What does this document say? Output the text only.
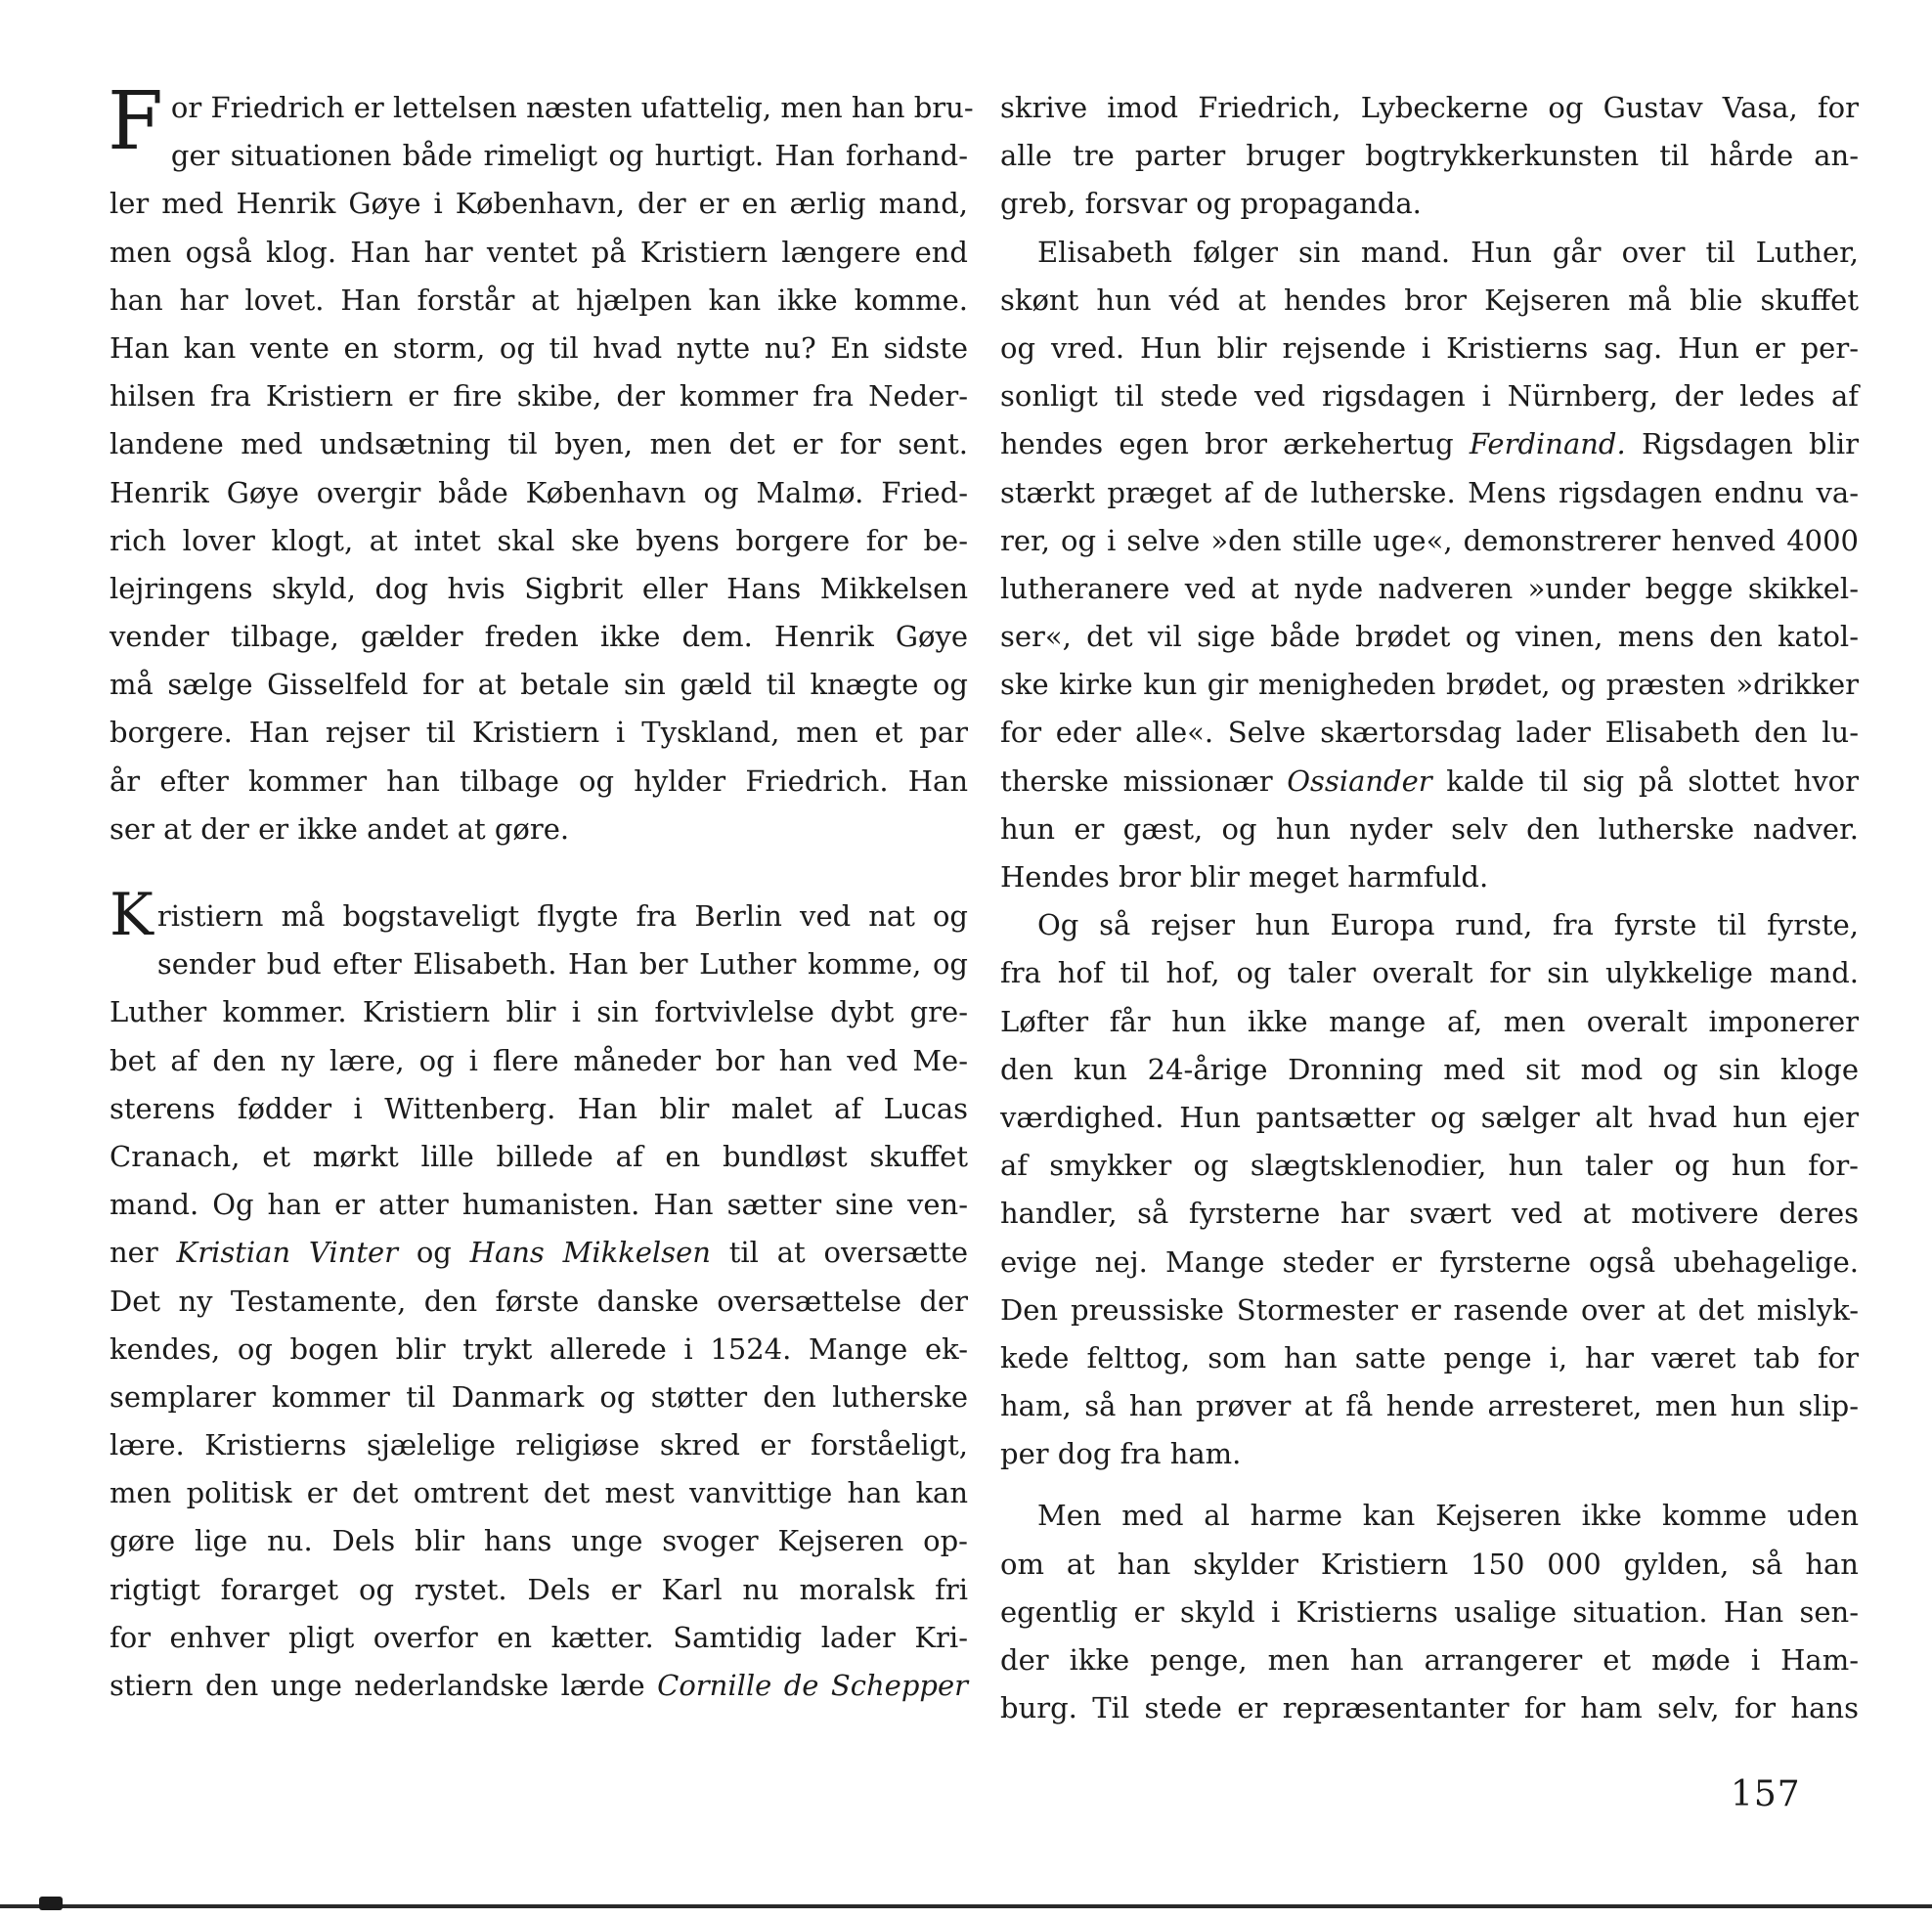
F or Friedrich er lettelsen næsten ufattelig, men han bru-
ger situationen både rimeligt og hurtigt. Han forhand-
ler med Henrik Gøye i København, der er en ærlig mand,
men også klog. Han har ventet på Kristiern længere end
han har lovet. Han forstår at hjælpen kan ikke komme.
Han kan vente en storm, og til hvad nytte nu? En sidste
hilsen fra Kristiern er fire skibe, der kommer fra Neder-
landene med undsætning til byen, men det er for sent.
Henrik Gøye overgir både København og Malmø. Fried-
rich lover klogt, at intet skal ske byens borgere for be-
lejringens skyld, dog hvis Sigbrit eller Hans Mikkelsen
vender tilbage, gælder freden ikke dem. Henrik Gøye
må sælge Gisselfeld for at betale sin gæld til knægte og
borgere. Han rejser til Kristiern i Tyskland, men et par
år efter kommer han tilbage og hylder Friedrich. Han
ser at der er ikke andet at gøre.
Kristiern må bogstaveligt flygte fra Berlin ved nat og
sender bud efter Elisabeth. Han ber Luther komme, og
Luther kommer. Kristiern blir i sin fortvivlelse dybt gre-
bet af den ny lære, og i flere måneder bor han ved Me-
sterens fødder i Wittenberg. Han blir malet af Lucas
Cranach, et mørkt lille billede af en bundløst skuffet
mand. Og han er atter humanisten. Han sætter sine ven-
ner Kristian Vinter og Hans Mikkelsen til at oversætte
Det ny Testamente, den første danske oversættelse der
kendes, og bogen blir trykt allerede i 1524. Mange ek-
semplarer kommer til Danmark og støtter den lutherske
lære. Kristierns sjælelige religiøse skred er forståeligt,
men politisk er det omtrent det mest vanvittige han kan
gøre lige nu. Dels blir hans unge svoger Kejseren op-
rigtigt forarget og rystet. Dels er Karl nu moralsk fri
for enhver pligt overfor en kætter. Samtidig lader Kri-
stiern den unge nederlandske lærde Cornille de Schepper
skrive imod Friedrich, Lybeckerne og Gustav Vasa, for
alle tre parter bruger bogtrykkerkunsten til hårde an-
greb, forsvar og propaganda.
Elisabeth følger sin mand. Hun går over til Luther,
skønt hun véd at hendes bror Kejseren må blie skuffet
og vred. Hun blir rejsende i Kristierns sag. Hun er per-
sonligt til stede ved rigsdagen i Nürnberg, der ledes af
hendes egen bror ærkehertug Ferdinand. Rigsdagen blir
stærkt præget af de lutherske. Mens rigsdagen endnu va-
rer, og i selve »den stille uge«, demonstrerer henved 4000
lutheranere ved at nyde nadveren »under begge skikkel-
ser«, det vil sige både brødet og vinen, mens den katol-
ske kirke kun gir menigheden brødet, og præsten »drikker
for eder alle«. Selve skærtorsdag lader Elisabeth den lu-
therske missionær Ossiander kalde til sig på slottet hvor
hun er gæst, og hun nyder selv den lutherske nadver.
Hendes bror blir meget harmfuld.
Og så rejser hun Europa rund, fra fyrste til fyrste,
fra hof til hof, og taler overalt for sin ulykkelige mand.
Løfter får hun ikke mange af, men overalt imponerer
den kun 24-årige Dronning med sit mod og sin kloge
værdighed. Hun pantsætter og sælger alt hvad hun ejer
af smykker og slægtsklenodier, hun taler og hun for-
handler, så fyrsterne har svært ved at motivere deres
evige nej. Mange steder er fyrsterne også ubehagelige.
Den preussiske Stormester er rasende over at det mislyk-
kede felttog, som han satte penge i, har været tab for
ham, så han prøver at få hende arresteret, men hun slip-
per dog fra ham.
Men med al harme kan Kejseren ikke komme uden
om at han skylder Kristiern 150 000 gylden, så han
egentlig er skyld i Kristierns usalige situation. Han sen-
der ikke penge, men han arrangerer et møde i Ham-
burg. Til stede er repræsentanter for ham selv, for hans
157
